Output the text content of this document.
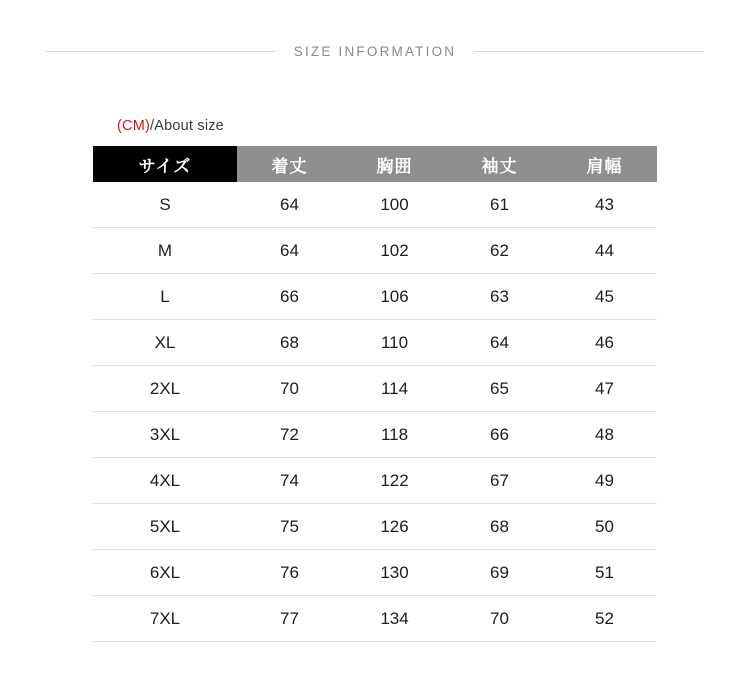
SIZE INFORMATION
(CM)/About size
サイズ	着丈	胸囲	袖丈	肩幅
S	64	100	61	43
M	64	102	62	44
L	66	106	63	45
XL	68	110	64	46
2XL	70	114	65	47
3XL	72	118	66	48
4XL	74	122	67	49
5XL	75	126	68	50
6XL	76	130	69	51
7XL	77	134	70	52
